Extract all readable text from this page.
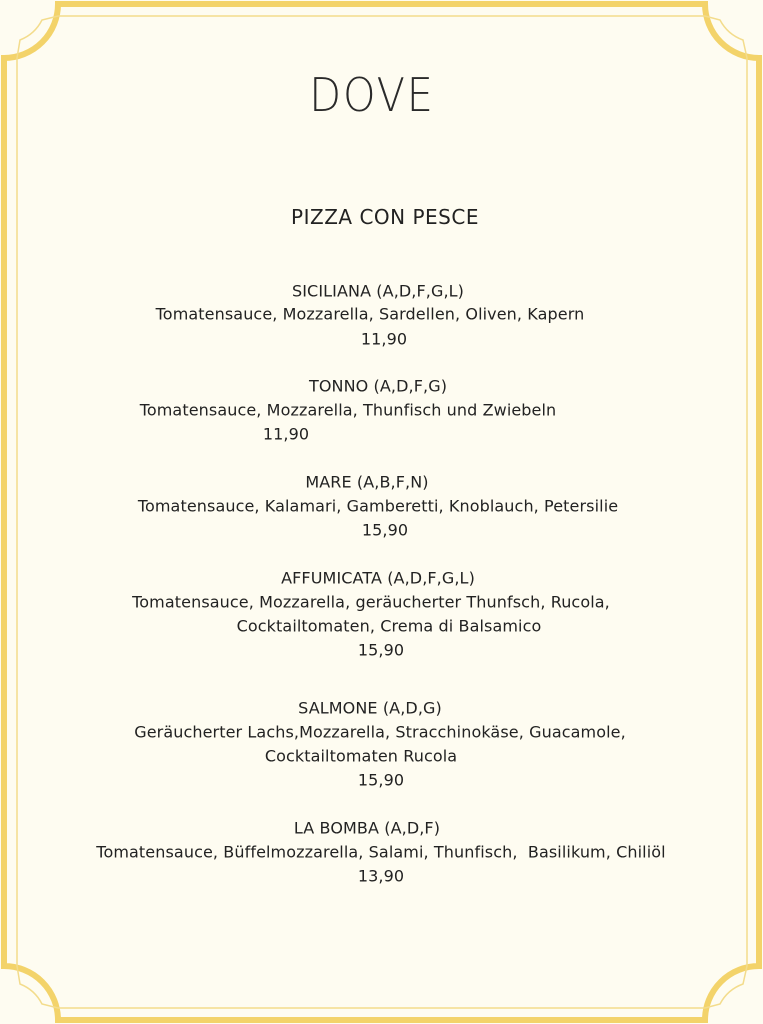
DOVE
PIZZA CON PESCE
SICILIANA (A,D,F,G,L)
Tomatensauce, Mozzarella, Sardellen, Oliven, Kapern
11,90
TONNO (A,D,F,G)
Tomatensauce, Mozzarella, Thunfisch und Zwiebeln
11,90
MARE (A,B,F,N)
Tomatensauce, Kalamari, Gamberetti, Knoblauch, Petersilie
15,90
AFFUMICATA (A,D,F,G,L)
Tomatensauce, Mozzarella, geräucherter Thunfsch, Rucola,
Cocktailtomaten, Crema di Balsamico
15,90
SALMONE (A,D,G)
Geräucherter Lachs,Mozzarella, Stracchinokäse, Guacamole,
Cocktailtomaten Rucola
15,90
LA BOMBA (A,D,F)
Tomatensauce, Büffelmozzarella, Salami, Thunfisch,  Basilikum, Chiliöl
13,90
